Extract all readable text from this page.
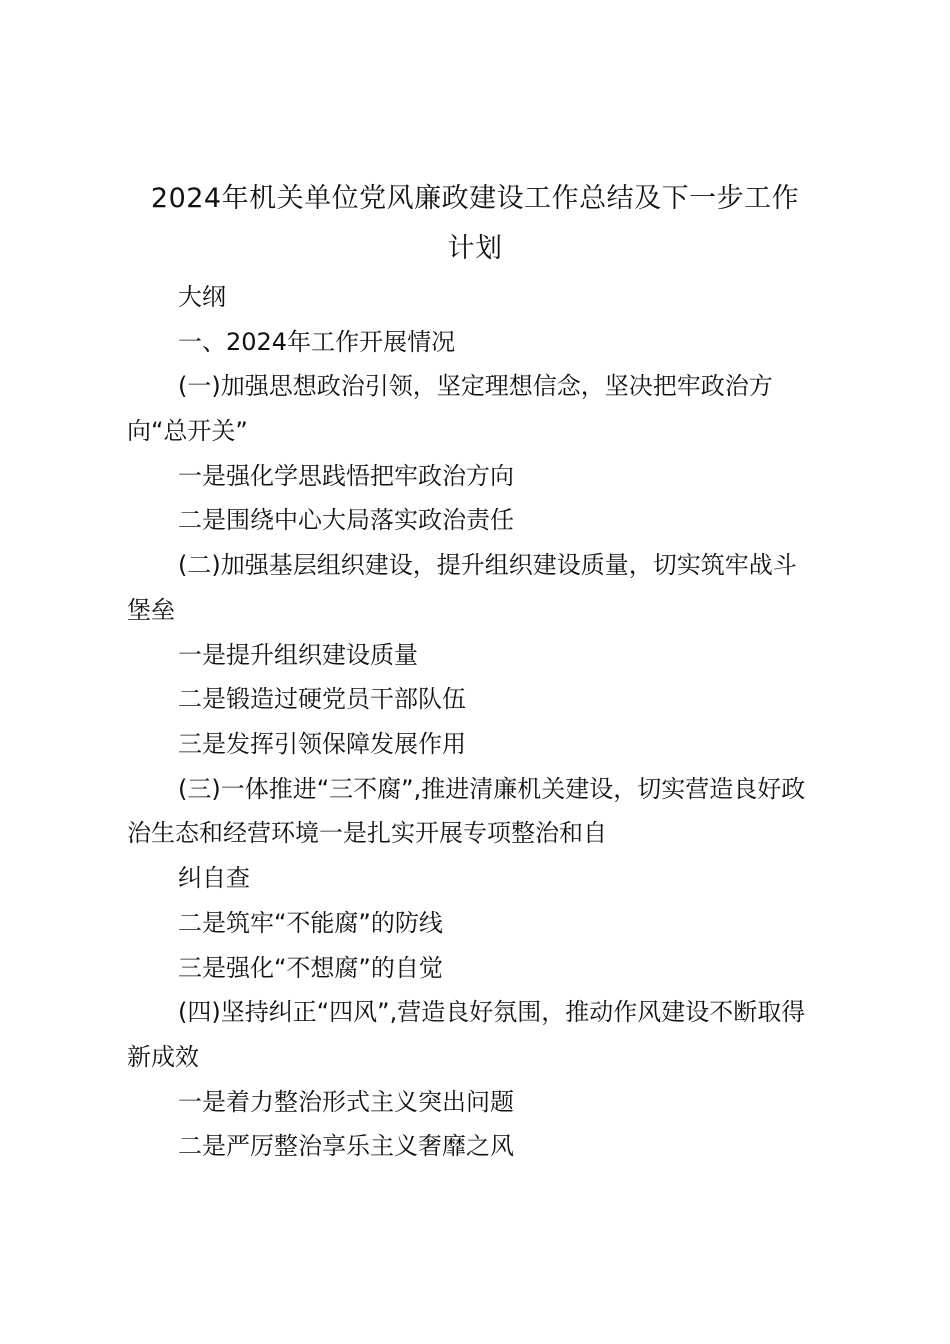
2024年机关单位党风廉政建设工作总结及下一步工作
计划

大纲

一、2024年工作开展情况

(一)加强思想政治引领，坚定理想信念，坚决把牢政治方

向“总开关”

一是强化学思践悟把牢政治方向

二是围绕中心大局落实政治责任

(二)加强基层组织建设，提升组织建设质量，切实筑牢战斗

堡垒

一是提升组织建设质量

二是锻造过硬党员干部队伍

三是发挥引领保障发展作用

(三)一体推进“三不腐”,推进清廉机关建设，切实营造良好政

治生态和经营环境一是扎实开展专项整治和自

纠自查

二是筑牢“不能腐”的防线

三是强化“不想腐”的自觉

(四)坚持纠正“四风”,营造良好氛围，推动作风建设不断取得

新成效

一是着力整治形式主义突出问题

二是严厉整治享乐主义奢靡之风
